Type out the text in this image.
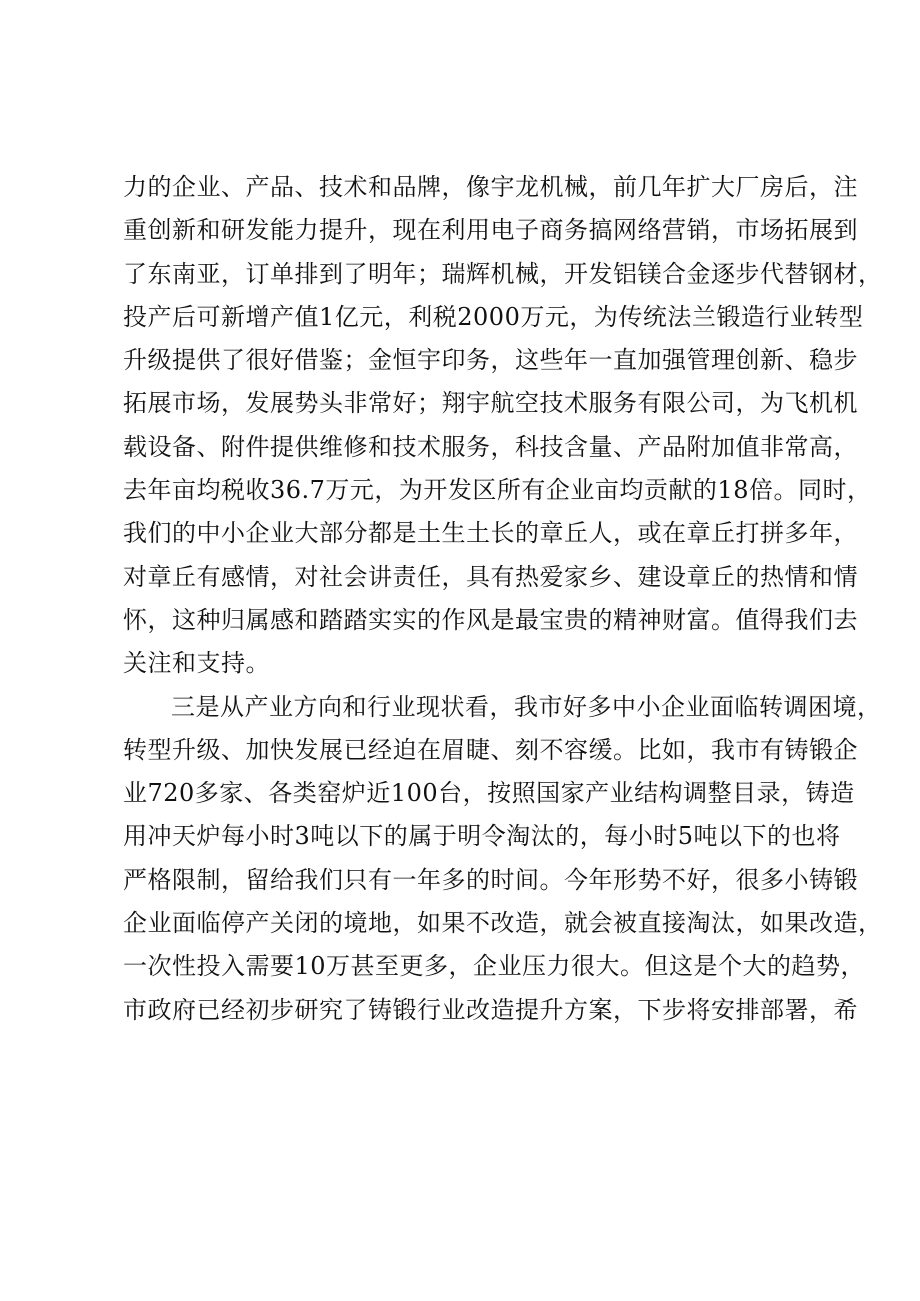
力的企业、产品、技术和品牌，像宇龙机械，前几年扩大厂房后，注
重创新和研发能力提升，现在利用电子商务搞网络营销，市场拓展到
了东南亚，订单排到了明年；瑞辉机械，开发铝镁合金逐步代替钢材，
投产后可新增产值1亿元，利税2000万元，为传统法兰锻造行业转型
升级提供了很好借鉴；金恒宇印务，这些年一直加强管理创新、稳步
拓展市场，发展势头非常好；翔宇航空技术服务有限公司，为飞机机
载设备、附件提供维修和技术服务，科技含量、产品附加值非常高，
去年亩均税收36.7万元，为开发区所有企业亩均贡献的18倍。同时，
我们的中小企业大部分都是土生土长的章丘人，或在章丘打拼多年，
对章丘有感情，对社会讲责任，具有热爱家乡、建设章丘的热情和情
怀，这种归属感和踏踏实实的作风是最宝贵的精神财富。值得我们去
关注和支持。
三是从产业方向和行业现状看，我市好多中小企业面临转调困境，
转型升级、加快发展已经迫在眉睫、刻不容缓。比如，我市有铸锻企
业720多家、各类窑炉近100台，按照国家产业结构调整目录，铸造
用冲天炉每小时3吨以下的属于明令淘汰的，每小时5吨以下的也将
严格限制，留给我们只有一年多的时间。今年形势不好，很多小铸锻
企业面临停产关闭的境地，如果不改造，就会被直接淘汰，如果改造，
一次性投入需要10万甚至更多，企业压力很大。但这是个大的趋势，
市政府已经初步研究了铸锻行业改造提升方案，下步将安排部署，希
